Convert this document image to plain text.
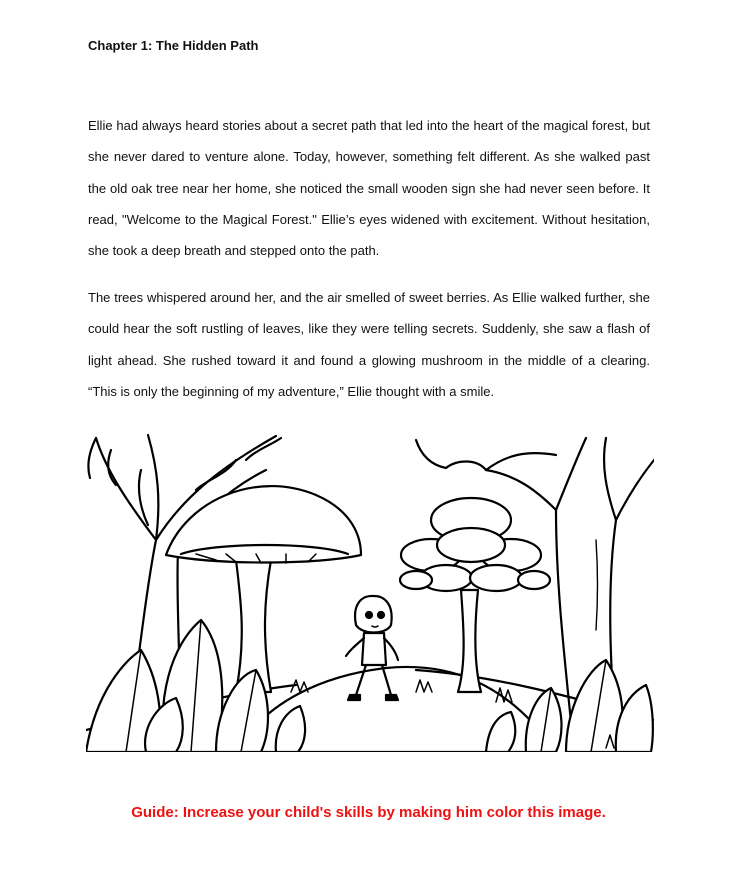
Chapter 1: The Hidden Path

Ellie had always heard stories about a secret path that led into the heart of the magical forest, but she never dared to venture alone. Today, however, something felt different. As she walked past the old oak tree near her home, she noticed the small wooden sign she had never seen before. It read, "Welcome to the Magical Forest." Ellie’s eyes widened with excitement. Without hesitation, she took a deep breath and stepped onto the path.

The trees whispered around her, and the air smelled of sweet berries. As Ellie walked further, she could hear the soft rustling of leaves, like they were telling secrets. Suddenly, she saw a flash of light ahead. She rushed toward it and found a glowing mushroom in the middle of a clearing. “This is only the beginning of my adventure,” Ellie thought with a smile.

Guide: Increase your child's skills by making him color this image.
